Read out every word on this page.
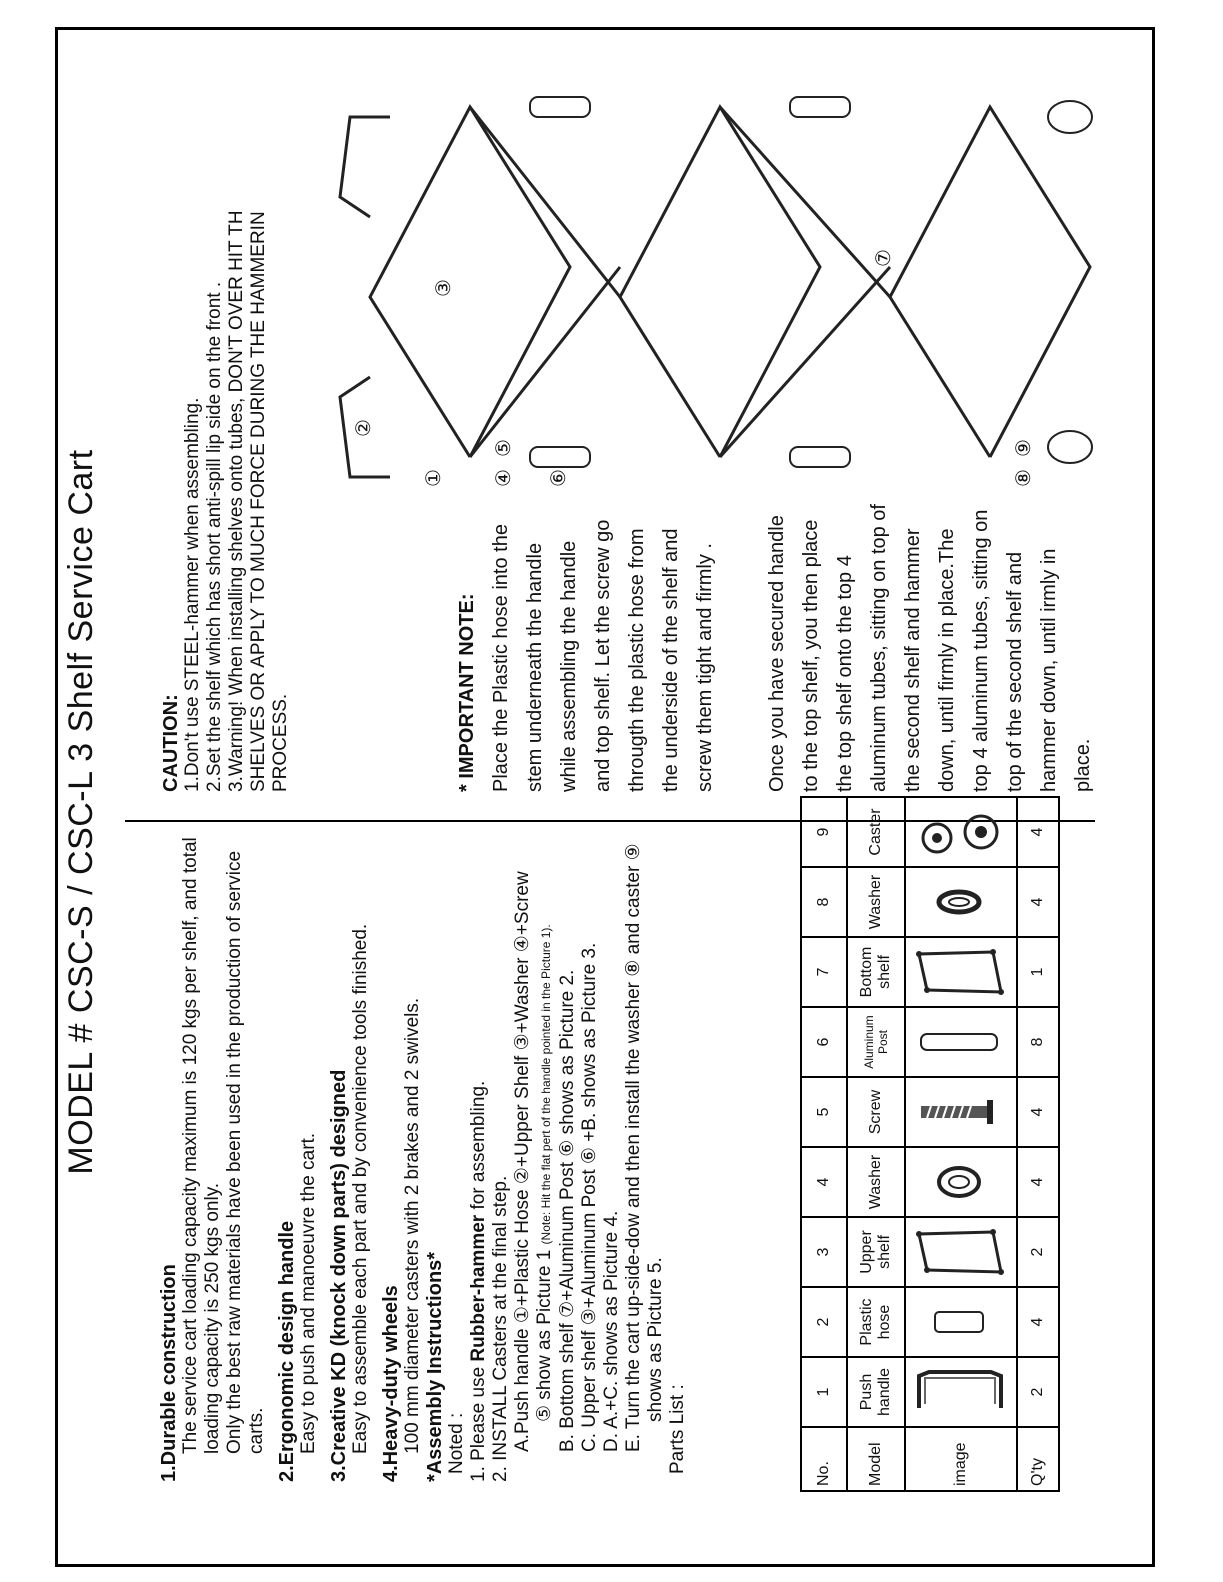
MODEL # CSC-S / CSC-L 3 Shelf Service Cart
1.Durable construction The service cart loading capacity maximum is 120 kgs per shelf, and total loading capacity is 250 kgs only. Only the best raw materials have been used in the production of service carts. 2.Ergonomic design handle Easy to push and manoeuvre the cart. 3.Creative KD (knock down parts) designed Easy to assemble each part and by convenience tools finished. 4.Heavy-duty wheels 100 mm diameter casters with 2 brakes and 2 swivels. *Assembly Instructions* Noted : 1. Please use Rubber-hammer for assembling.
2. INSTALL Casters at the final step. A.Push handle ①+Plastic Hose ②+Upper Shelf ③+Washer ④+Screw ⑤ show as Picture 1 (Note: Hit the flat pert of the handle pointed in the Picture 1). B. Bottom shelf ⑦+Aluminum Post ⑥ shows as Picture 2. C. Upper shelf ③+Aluminum Post ⑥ +B. shows as Picture 3. D. A.+C. shows as Picture 4. E. Turn the cart up-side-dow and then install the washer ⑧ and caster ⑨ shows as Picture 5.
Parts List :	No.	1	2	3	4	5	6	7	8	9
Model	Push handle	Plastic hose	Upper shelf	Washer	Screw	Aluminum Post	Bottom shelf	Washer	Caster
image									
Q'ty	2	4	2	4	4	8	1	4	4
CAUTION: 1.Don't use STEEL-hammer when assembling. 2.Set the shelf which has short anti-spill lip side on the front . 3.Warning! When installing shelves onto tubes, DON'T OVER HIT TH SHELVES OR APPLY TO MUCH FORCE DURING THE HAMMERIN PROCESS.	* IMPORTANT NOTE: Place the Plastic hose into the stem underneath the handle while assembling the handle and top shelf. Let the screw go througth the plastic hose from the underside of the shelf and screw them tight and firmly .	Once you have secured handle to the top shelf, you then place the top shelf onto the top 4 aluminum tubes, sitting on top of the second shelf and hammer down, until firmly in place.The top 4 aluminum tubes, sitting on top of the second shelf and hammer down, until irmly in place.
①
②
③
④
⑤
⑥
⑦
⑧
⑨
